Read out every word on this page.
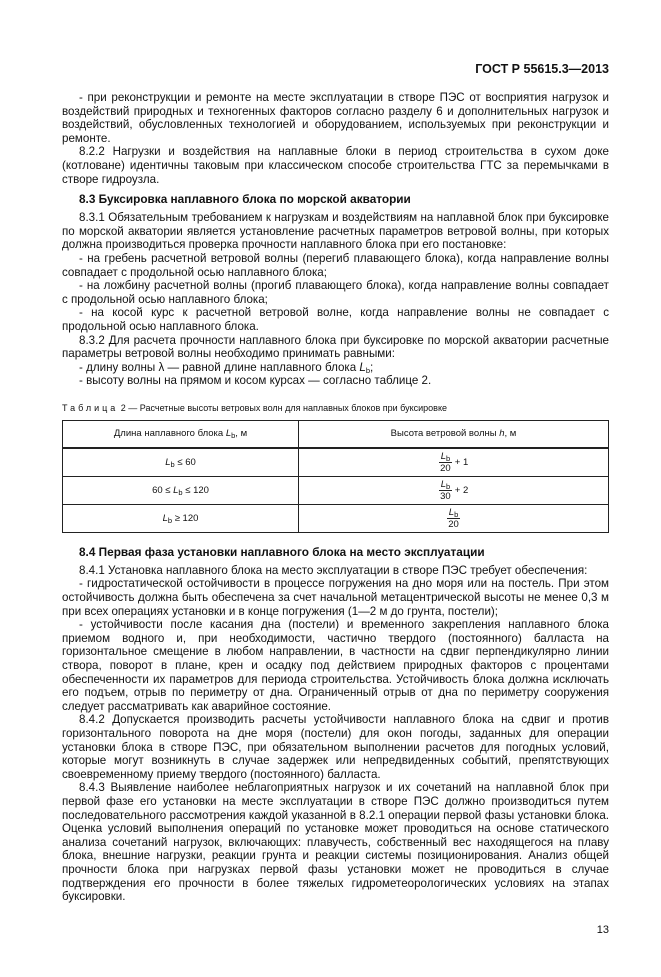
ГОСТ Р 55615.3—2013

- при реконструкции и ремонте на месте эксплуатации в створе ПЭС от восприятия нагрузок и воздействий природных и техногенных факторов согласно разделу 6 и дополнительных нагрузок и воздействий, обусловленных технологией и оборудованием, используемых при реконструкции и ремонте.

8.2.2 Нагрузки и воздействия на наплавные блоки в период строительства в сухом доке (котловане) идентичны таковым при классическом способе строительства ГТС за перемычками в створе гидроузла.

8.3 Буксировка наплавного блока по морской акватории

8.3.1 Обязательным требованием к нагрузкам и воздействиям на наплавной блок при буксировке по морской акватории является установление расчетных параметров ветровой волны, при которых должна производиться проверка прочности наплавного блока при его постановке:

- на гребень расчетной ветровой волны (перегиб плавающего блока), когда направление волны совпадает с продольной осью наплавного блока;

- на ложбину расчетной волны (прогиб плавающего блока), когда направление волны совпадает с продольной осью наплавного блока;

- на косой курс к расчетной ветровой волне, когда направление волны не совпадает с продольной осью наплавного блока.

8.3.2 Для расчета прочности наплавного блока при буксировке по морской акватории расчетные параметры ветровой волны необходимо принимать равными:

- длину волны λ — равной длине наплавного блока $L_b$;

- высоту волны на прямом и косом курсах — согласно таблице 2.

Таблица 2 — Расчетные высоты ветровых волн для наплавных блоков при буксировке
Длина наплавного блока $L_b$, м	Высота ветровой волны h, м
$L_b \le 60$	$\frac{L_b}{20} + 1$
$60 \le L_b \le 120$	$\frac{L_b}{30} + 2$
$L_b \ge 120$	$\frac{L_b}{20}$
8.4 Первая фаза установки наплавного блока на место эксплуатации

8.4.1 Установка наплавного блока на место эксплуатации в створе ПЭС требует обеспечения:

- гидростатической остойчивости в процессе погружения на дно моря или на постель. При этом остойчивость должна быть обеспечена за счет начальной метацентрической высоты не менее 0,3 м при всех операциях установки и в конце погружения (1—2 м до грунта, постели);

- устойчивости после касания дна (постели) и временного закрепления наплавного блока приемом водного и, при необходимости, частично твердого (постоянного) балласта на горизонтальное смещение в любом направлении, в частности на сдвиг перпендикулярно линии створа, поворот в плане, крен и осадку под действием природных факторов с процентами обеспеченности их параметров для периода строительства. Устойчивость блока должна исключать его подъем, отрыв по периметру от дна. Ограниченный отрыв от дна по периметру сооружения следует рассматривать как аварийное состояние.

8.4.2 Допускается производить расчеты устойчивости наплавного блока на сдвиг и против горизонтального поворота на дне моря (постели) для окон погоды, заданных для операции установки блока в створе ПЭС, при обязательном выполнении расчетов для погодных условий, которые могут возникнуть в случае задержек или непредвиденных событий, препятствующих своевременному приему твердого (постоянного) балласта.

8.4.3 Выявление наиболее неблагоприятных нагрузок и их сочетаний на наплавной блок при первой фазе его установки на месте эксплуатации в створе ПЭС должно производиться путем последовательного рассмотрения каждой указанной в 8.2.1 операции первой фазы установки блока. Оценка условий выполнения операций по установке может проводиться на основе статического анализа сочетаний нагрузок, включающих: плавучесть, собственный вес находящегося на плаву блока, внешние нагрузки, реакции грунта и реакции системы позиционирования. Анализ общей прочности блока при нагрузках первой фазы установки может не проводиться в случае подтверждения его прочности в более тяжелых гидрометеорологических условиях на этапах буксировки.

13
